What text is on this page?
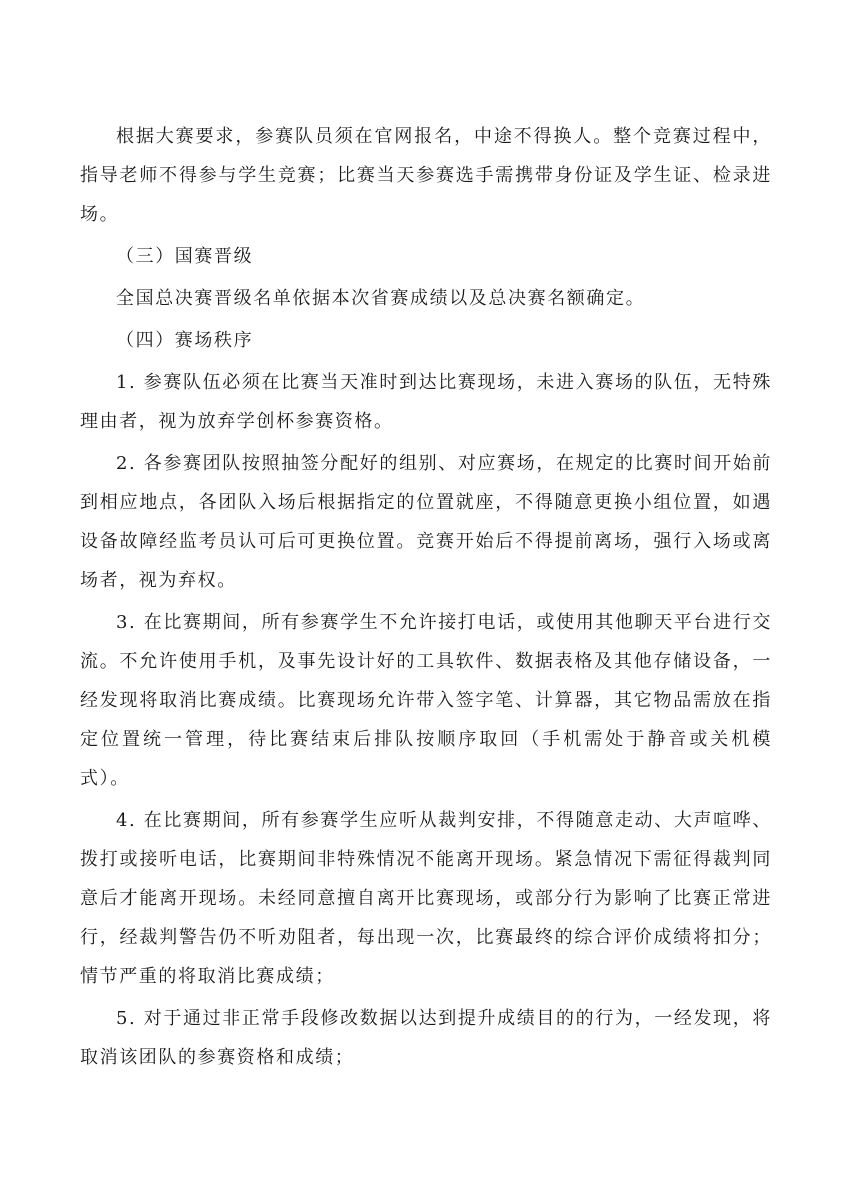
根据大赛要求，参赛队员须在官网报名，中途不得换人。整个竞赛过程中，指导老师不得参与学生竞赛；比赛当天参赛选手需携带身份证及学生证、检录进场。

（三）国赛晋级

全国总决赛晋级名单依据本次省赛成绩以及总决赛名额确定。

（四）赛场秩序

1. 参赛队伍必须在比赛当天准时到达比赛现场，未进入赛场的队伍，无特殊理由者，视为放弃学创杯参赛资格。

2. 各参赛团队按照抽签分配好的组别、对应赛场，在规定的比赛时间开始前到相应地点，各团队入场后根据指定的位置就座，不得随意更换小组位置，如遇设备故障经监考员认可后可更换位置。竞赛开始后不得提前离场，强行入场或离场者，视为弃权。

3. 在比赛期间，所有参赛学生不允许接打电话，或使用其他聊天平台进行交流。不允许使用手机，及事先设计好的工具软件、数据表格及其他存储设备，一经发现将取消比赛成绩。比赛现场允许带入签字笔、计算器，其它物品需放在指定位置统一管理，待比赛结束后排队按顺序取回（手机需处于静音或关机模式）。

4. 在比赛期间，所有参赛学生应听从裁判安排，不得随意走动、大声喧哗、拨打或接听电话，比赛期间非特殊情况不能离开现场。紧急情况下需征得裁判同意后才能离开现场。未经同意擅自离开比赛现场，或部分行为影响了比赛正常进行，经裁判警告仍不听劝阻者，每出现一次，比赛最终的综合评价成绩将扣分；情节严重的将取消比赛成绩；

5. 对于通过非正常手段修改数据以达到提升成绩目的的行为，一经发现，将取消该团队的参赛资格和成绩；
